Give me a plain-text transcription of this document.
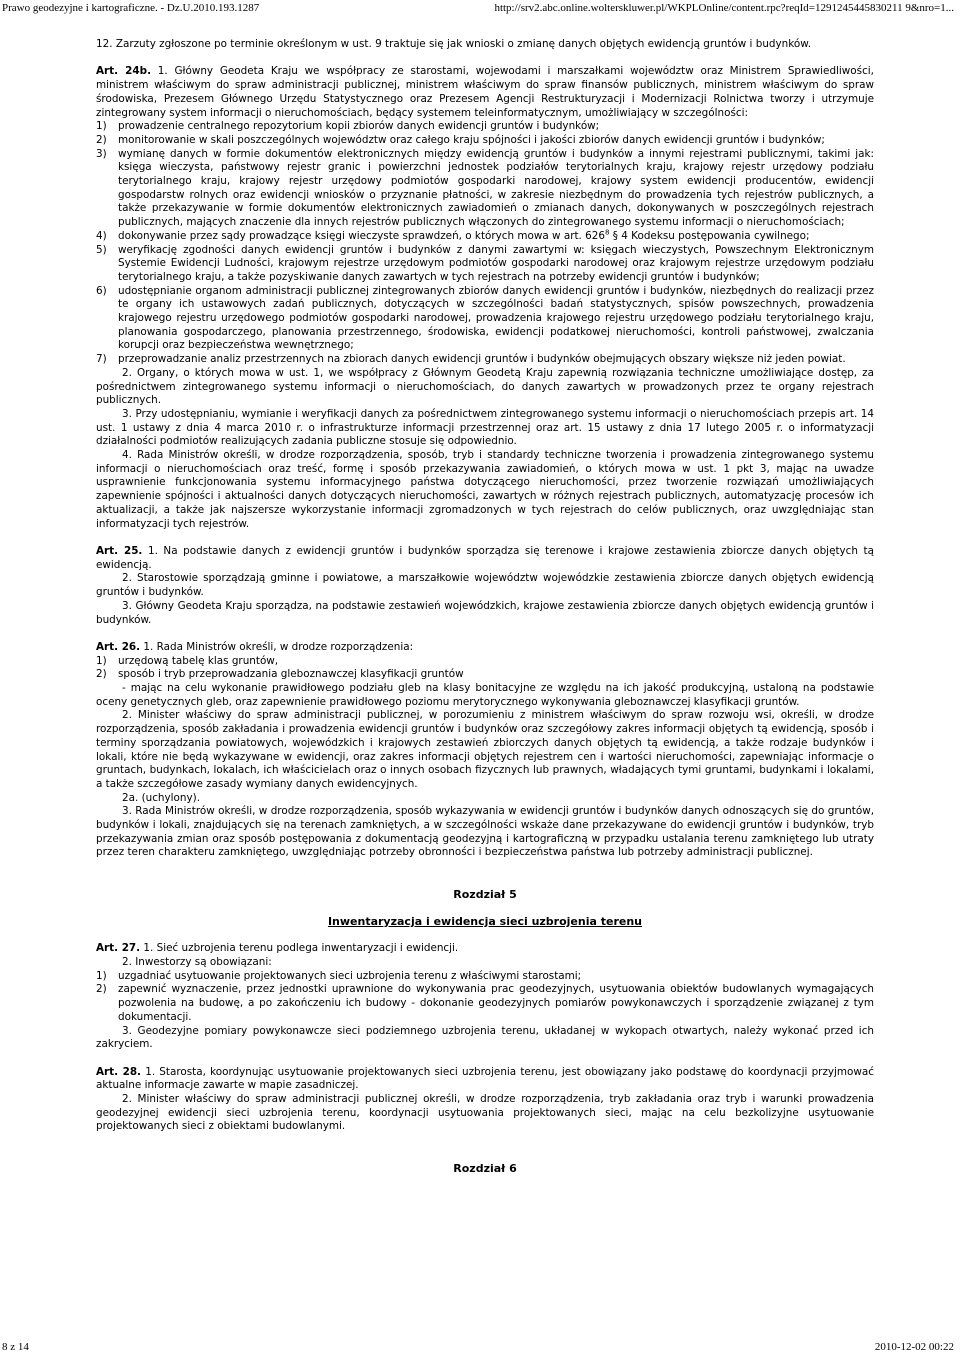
Prawo geodezyjne i kartograficzne. - Dz.U.2010.193.1287	http://srv2.abc.online.wolterskluwer.pl/WKPLOnline/content.rpc?reqId=1291245445830211 9&nro=1...

12. Zarzuty zgłoszone po terminie określonym w ust. 9 traktuje się jak wnioski o zmianę danych objętych ewidencją gruntów i budynków.

Art. 24b. 1. Główny Geodeta Kraju we współpracy ze starostami, wojewodami i marszałkami województw oraz Ministrem Sprawiedliwości, ministrem właściwym do spraw administracji publicznej, ministrem właściwym do spraw finansów publicznych, ministrem właściwym do spraw środowiska, Prezesem Głównego Urzędu Statystycznego oraz Prezesem Agencji Restrukturyzacji i Modernizacji Rolnictwa tworzy i utrzymuje zintegrowany system informacji o nieruchomościach, będący systemem teleinformatycznym, umożliwiający w szczególności:

1)	prowadzenie centralnego repozytorium kopii zbiorów danych ewidencji gruntów i budynków;
2)	monitorowanie w skali poszczególnych województw oraz całego kraju spójności i jakości zbiorów danych ewidencji gruntów i budynków;
3)	wymianę danych w formie dokumentów elektronicznych między ewidencją gruntów i budynków a innymi rejestrami publicznymi, takimi jak: księga wieczysta, państwowy rejestr granic i powierzchni jednostek podziałów terytorialnych kraju, krajowy rejestr urzędowy podziału terytorialnego kraju, krajowy rejestr urzędowy podmiotów gospodarki narodowej, krajowy system ewidencji producentów, ewidencji gospodarstw rolnych oraz ewidencji wniosków o przyznanie płatności, w zakresie niezbędnym do prowadzenia tych rejestrów publicznych, a także przekazywanie w formie dokumentów elektronicznych zawiadomień o zmianach danych, dokonywanych w poszczególnych rejestrach publicznych, mających znaczenie dla innych rejestrów publicznych włączonych do zintegrowanego systemu informacji o nieruchomościach;
4)	dokonywanie przez sądy prowadzące księgi wieczyste sprawdzeń, o których mowa w art. $626^8$ § 4 Kodeksu postępowania cywilnego;
5)	weryfikację zgodności danych ewidencji gruntów i budynków z danymi zawartymi w: księgach wieczystych, Powszechnym Elektronicznym Systemie Ewidencji Ludności, krajowym rejestrze urzędowym podmiotów gospodarki narodowej oraz krajowym rejestrze urzędowym podziału terytorialnego kraju, a także pozyskiwanie danych zawartych w tych rejestrach na potrzeby ewidencji gruntów i budynków;
6)	udostępnianie organom administracji publicznej zintegrowanych zbiorów danych ewidencji gruntów i budynków, niezbędnych do realizacji przez te organy ich ustawowych zadań publicznych, dotyczących w szczególności badań statystycznych, spisów powszechnych, prowadzenia krajowego rejestru urzędowego podmiotów gospodarki narodowej, prowadzenia krajowego rejestru urzędowego podziału terytorialnego kraju, planowania gospodarczego, planowania przestrzennego, środowiska, ewidencji podatkowej nieruchomości, kontroli państwowej, zwalczania korupcji oraz bezpieczeństwa wewnętrznego;
7)	przeprowadzanie analiz przestrzennych na zbiorach danych ewidencji gruntów i budynków obejmujących obszary większe niż jeden powiat.

2. Organy, o których mowa w ust. 1, we współpracy z Głównym Geodetą Kraju zapewnią rozwiązania techniczne umożliwiające dostęp, za pośrednictwem zintegrowanego systemu informacji o nieruchomościach, do danych zawartych w prowadzonych przez te organy rejestrach publicznych.

3. Przy udostępnianiu, wymianie i weryfikacji danych za pośrednictwem zintegrowanego systemu informacji o nieruchomościach przepis art. 14 ust. 1 ustawy z dnia 4 marca 2010 r. o infrastrukturze informacji przestrzennej oraz art. 15 ustawy z dnia 17 lutego 2005 r. o informatyzacji działalności podmiotów realizujących zadania publiczne stosuje się odpowiednio.

4. Rada Ministrów określi, w drodze rozporządzenia, sposób, tryb i standardy techniczne tworzenia i prowadzenia zintegrowanego systemu informacji o nieruchomościach oraz treść, formę i sposób przekazywania zawiadomień, o których mowa w ust. 1 pkt 3, mając na uwadze usprawnienie funkcjonowania systemu informacyjnego państwa dotyczącego nieruchomości, przez tworzenie rozwiązań umożliwiających zapewnienie spójności i aktualności danych dotyczących nieruchomości, zawartych w różnych rejestrach publicznych, automatyzację procesów ich aktualizacji, a także jak najszersze wykorzystanie informacji zgromadzonych w tych rejestrach do celów publicznych, oraz uwzględniając stan informatyzacji tych rejestrów.

Art. 25. 1. Na podstawie danych z ewidencji gruntów i budynków sporządza się terenowe i krajowe zestawienia zbiorcze danych objętych tą ewidencją.

2. Starostowie sporządzają gminne i powiatowe, a marszałkowie województw wojewódzkie zestawienia zbiorcze danych objętych ewidencją gruntów i budynków.

3. Główny Geodeta Kraju sporządza, na podstawie zestawień wojewódzkich, krajowe zestawienia zbiorcze danych objętych ewidencją gruntów i budynków.

Art. 26. 1. Rada Ministrów określi, w drodze rozporządzenia:

1)	urzędową tabelę klas gruntów,
2)	sposób i tryb przeprowadzania gleboznawczej klasyfikacji gruntów

- mając na celu wykonanie prawidłowego podziału gleb na klasy bonitacyjne ze względu na ich jakość produkcyjną, ustaloną na podstawie oceny genetycznych gleb, oraz zapewnienie prawidłowego poziomu merytorycznego wykonywania gleboznawczej klasyfikacji gruntów.

2. Minister właściwy do spraw administracji publicznej, w porozumieniu z ministrem właściwym do spraw rozwoju wsi, określi, w drodze rozporządzenia, sposób zakładania i prowadzenia ewidencji gruntów i budynków oraz szczegółowy zakres informacji objętych tą ewidencją, sposób i terminy sporządzania powiatowych, wojewódzkich i krajowych zestawień zbiorczych danych objętych tą ewidencją, a także rodzaje budynków i lokali, które nie będą wykazywane w ewidencji, oraz zakres informacji objętych rejestrem cen i wartości nieruchomości, zapewniając informacje o gruntach, budynkach, lokalach, ich właścicielach oraz o innych osobach fizycznych lub prawnych, władających tymi gruntami, budynkami i lokalami, a także szczegółowe zasady wymiany danych ewidencyjnych.

2a. (uchylony).

3. Rada Ministrów określi, w drodze rozporządzenia, sposób wykazywania w ewidencji gruntów i budynków danych odnoszących się do gruntów, budynków i lokali, znajdujących się na terenach zamkniętych, a w szczególności wskaże dane przekazywane do ewidencji gruntów i budynków, tryb przekazywania zmian oraz sposób postępowania z dokumentacją geodezyjną i kartograficzną w przypadku ustalania terenu zamkniętego lub utraty przez teren charakteru zamkniętego, uwzględniając potrzeby obronności i bezpieczeństwa państwa lub potrzeby administracji publicznej.

Rozdział 5

Inwentaryzacja i ewidencja sieci uzbrojenia terenu

Art. 27. 1. Sieć uzbrojenia terenu podlega inwentaryzacji i ewidencji.

2. Inwestorzy są obowiązani:

1)	uzgadniać usytuowanie projektowanych sieci uzbrojenia terenu z właściwymi starostami;
2)	zapewnić wyznaczenie, przez jednostki uprawnione do wykonywania prac geodezyjnych, usytuowania obiektów budowlanych wymagających pozwolenia na budowę, a po zakończeniu ich budowy - dokonanie geodezyjnych pomiarów powykonawczych i sporządzenie związanej z tym dokumentacji.

3. Geodezyjne pomiary powykonawcze sieci podziemnego uzbrojenia terenu, układanej w wykopach otwartych, należy wykonać przed ich zakryciem.

Art. 28. 1. Starosta, koordynując usytuowanie projektowanych sieci uzbrojenia terenu, jest obowiązany jako podstawę do koordynacji przyjmować aktualne informacje zawarte w mapie zasadniczej.

2. Minister właściwy do spraw administracji publicznej określi, w drodze rozporządzenia, tryb zakładania oraz tryb i warunki prowadzenia geodezyjnej ewidencji sieci uzbrojenia terenu, koordynacji usytuowania projektowanych sieci, mając na celu bezkolizyjne usytuowanie projektowanych sieci z obiektami budowlanymi.

Rozdział 6

8 z 14	2010-12-02 00:22
